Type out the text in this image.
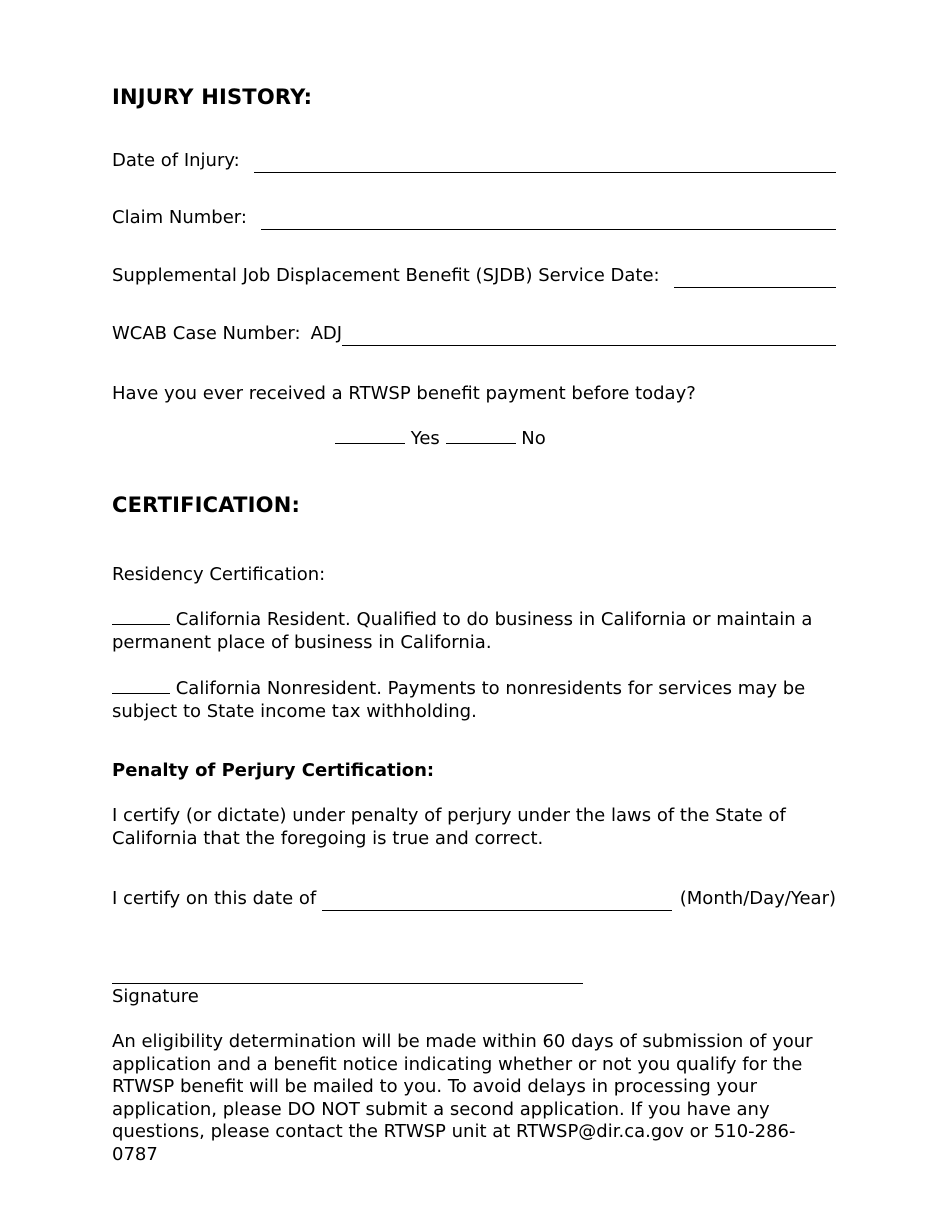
INJURY HISTORY:
Date of Injury:
Claim Number:
Supplemental Job Displacement Benefit (SJDB) Service Date:
WCAB Case Number: ADJ
Have you ever received a RTWSP benefit payment before today?
Yes	No
CERTIFICATION:
Residency Certification:
California Resident. Qualified to do business in California or maintain a permanent place of business in California.
California Nonresident. Payments to nonresidents for services may be subject to State income tax withholding.
Penalty of Perjury Certification:
I certify (or dictate) under penalty of perjury under the laws of the State of California that the foregoing is true and correct.
I certify on this date of	(Month/Day/Year)
Signature
An eligibility determination will be made within 60 days of submission of your application and a benefit notice indicating whether or not you qualify for the RTWSP benefit will be mailed to you. To avoid delays in processing your application, please DO NOT submit a second application. If you have any questions, please contact the RTWSP unit at RTWSP@dir.ca.gov or 510-286-0787
